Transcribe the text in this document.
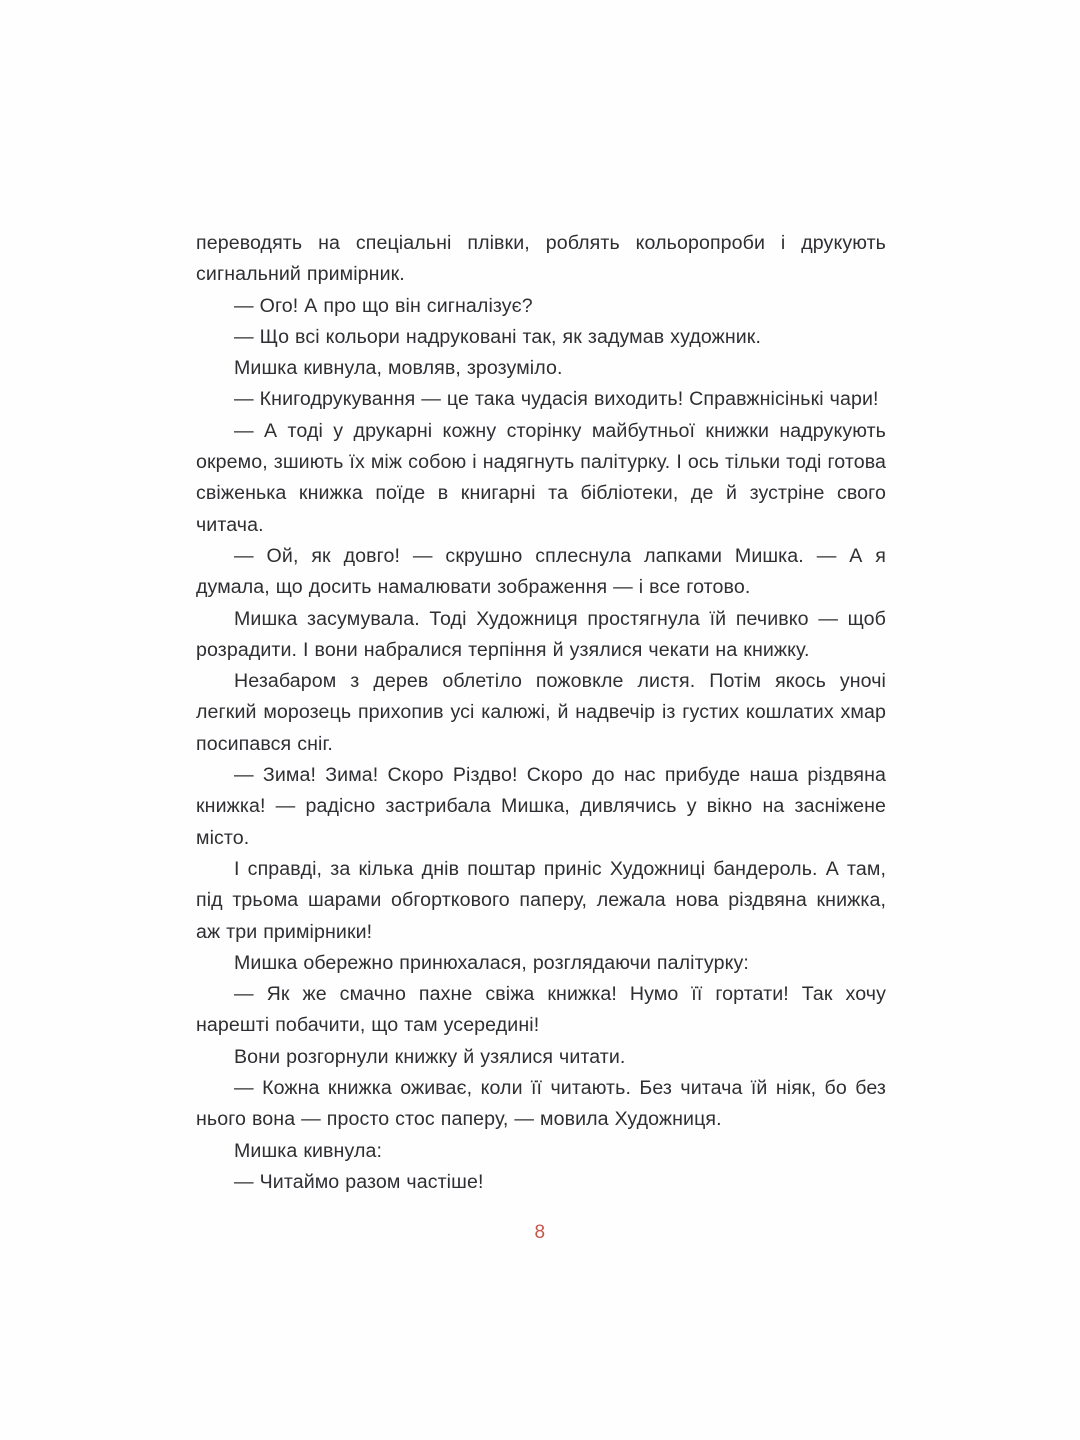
переводять на спеціальні плівки, роблять кольоропроби і друкують сигнальний примірник.

— Ого! А про що він сигналізує?

— Що всі кольори надруковані так, як задумав художник.

Мишка кивнула, мовляв, зрозуміло.

— Книгодрукування — це така чудасія виходить! Справжнісінькі чари!

— А тоді у друкарні кожну сторінку майбутньої книжки надрукують окремо, зшиють їх між собою і надягнуть палітурку. І ось тільки тоді готова свіженька книжка поїде в книгарні та бібліотеки, де й зустріне свого читача.

— Ой, як довго! — скрушно сплеснула лапками Мишка. — А я думала, що досить намалювати зображення — і все готово.

Мишка засумувала. Тоді Художниця простягнула їй печивко — щоб розрадити. І вони набралися терпіння й узялися чекати на книжку.

Незабаром з дерев облетіло пожовкле листя. Потім якось уночі легкий морозець прихопив усі калюжі, й надвечір із густих кошлатих хмар посипався сніг.

— Зима! Зима! Скоро Різдво! Скоро до нас прибуде наша різдвяна книжка! — радісно застрибала Мишка, дивлячись у вікно на засніжене місто.

І справді, за кілька днів поштар приніс Художниці бандероль. А там, під трьома шарами обгорткового паперу, лежала нова різдвяна книжка, аж три примірники!

Мишка обережно принюхалася, розглядаючи палітурку:

— Як же смачно пахне свіжа книжка! Нумо її гортати! Так хочу нарешті побачити, що там усередині!

Вони розгорнули книжку й узялися читати.

— Кожна книжка оживає, коли її читають. Без читача їй ніяк, бо без нього вона — просто стос паперу, — мовила Художниця.

Мишка кивнула:

— Читаймо разом частіше!

8
